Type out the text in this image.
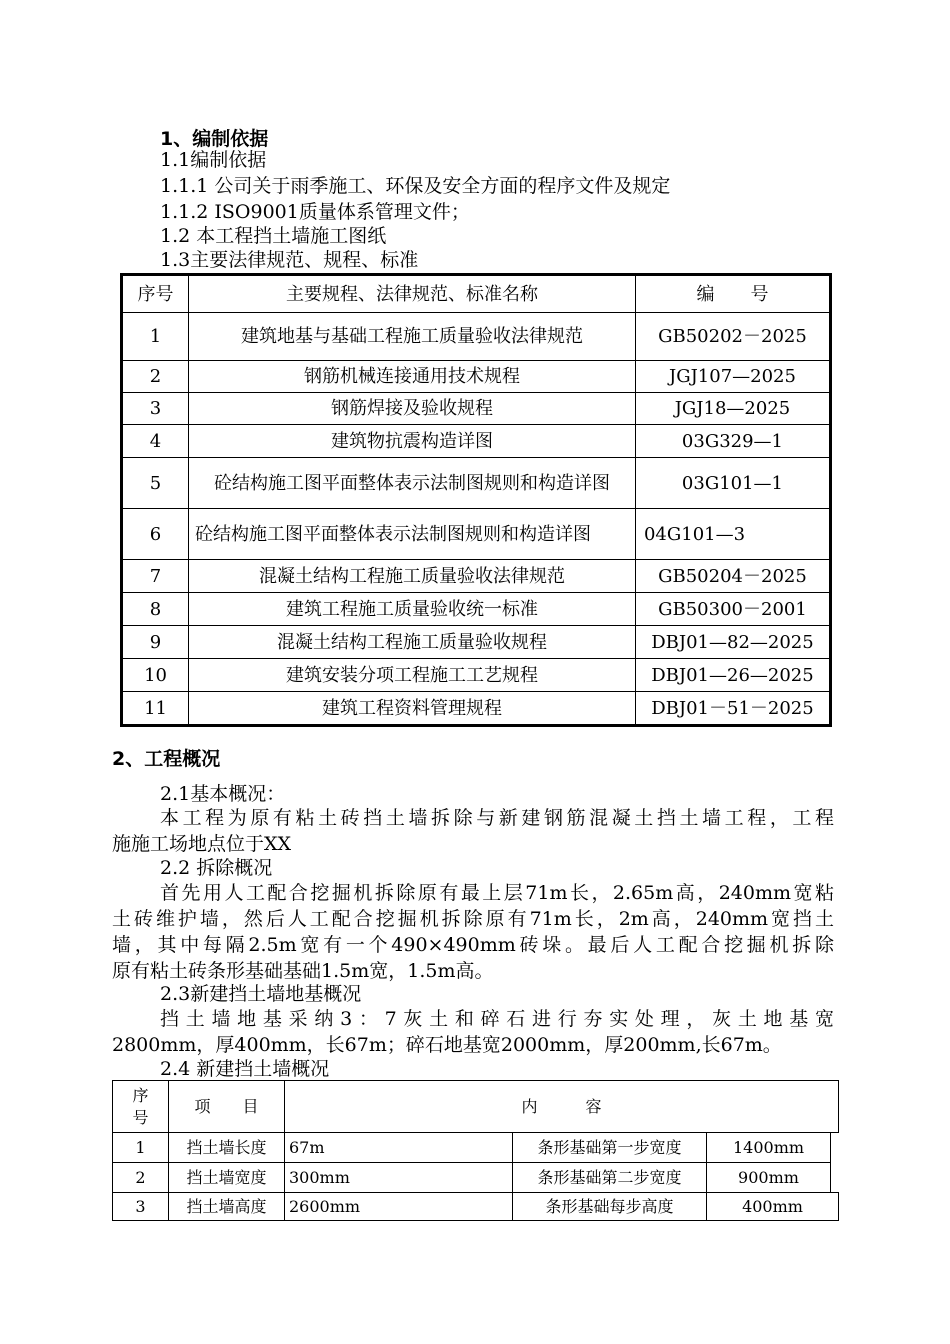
1、编制依据
1.1编制依据
1.1.1 公司关于雨季施工、环保及安全方面的程序文件及规定
1.1.2 ISO9001质量体系管理文件；
1.2 本工程挡土墙施工图纸
1.3主要法律规范、规程、标准
序号	主要规程、法律规范、标准名称	编　　号
1	建筑地基与基础工程施工质量验收法律规范	GB50202－2025
2	钢筋机械连接通用技术规程	JGJ107—2025
3	钢筋焊接及验收规程	JGJ18—2025
4	建筑物抗震构造详图	03G329—1
5	砼结构施工图平面整体表示法制图规则和构造详图	03G101—1
6	砼结构施工图平面整体表示法制图规则和构造详图	04G101—3
7	混凝土结构工程施工质量验收法律规范	GB50204－2025
8	建筑工程施工质量验收统一标准	GB50300－2001
9	混凝土结构工程施工质量验收规程	DBJ01—82—2025
10	建筑安装分项工程施工工艺规程	DBJ01—26—2025
11	建筑工程资料管理规程	DBJ01－51－2025
2、工程概况
2.1基本概况：
本工程为原有粘土砖挡土墙拆除与新建钢筋混凝土挡土墙工程，工程
施施工场地点位于XX
2.2 拆除概况
首先用人工配合挖掘机拆除原有最上层71m长，2.65m高，240mm宽粘
土砖维护墙，然后人工配合挖掘机拆除原有71m长，2m高，240mm宽挡土
墙，其中每隔2.5m宽有一个490×490mm砖垛。最后人工配合挖掘机拆除
原有粘土砖条形基础基础1.5m宽，1.5m高。
2.3新建挡土墙地基概况
挡土墙地基采纳3：7灰土和碎石进行夯实处理，灰土地基宽
2800mm，厚400mm，长67m；碎石地基宽2000mm，厚200mm,长67m。
2.4 新建挡土墙概况
序号	项　　目	内　　　容			
1	挡土墙长度	67m	条形基础第一步宽度	1400mm	
2	挡土墙宽度	300mm	条形基础第二步宽度	900mm	
3	挡土墙高度	2600mm	条形基础每步高度	400mm	
